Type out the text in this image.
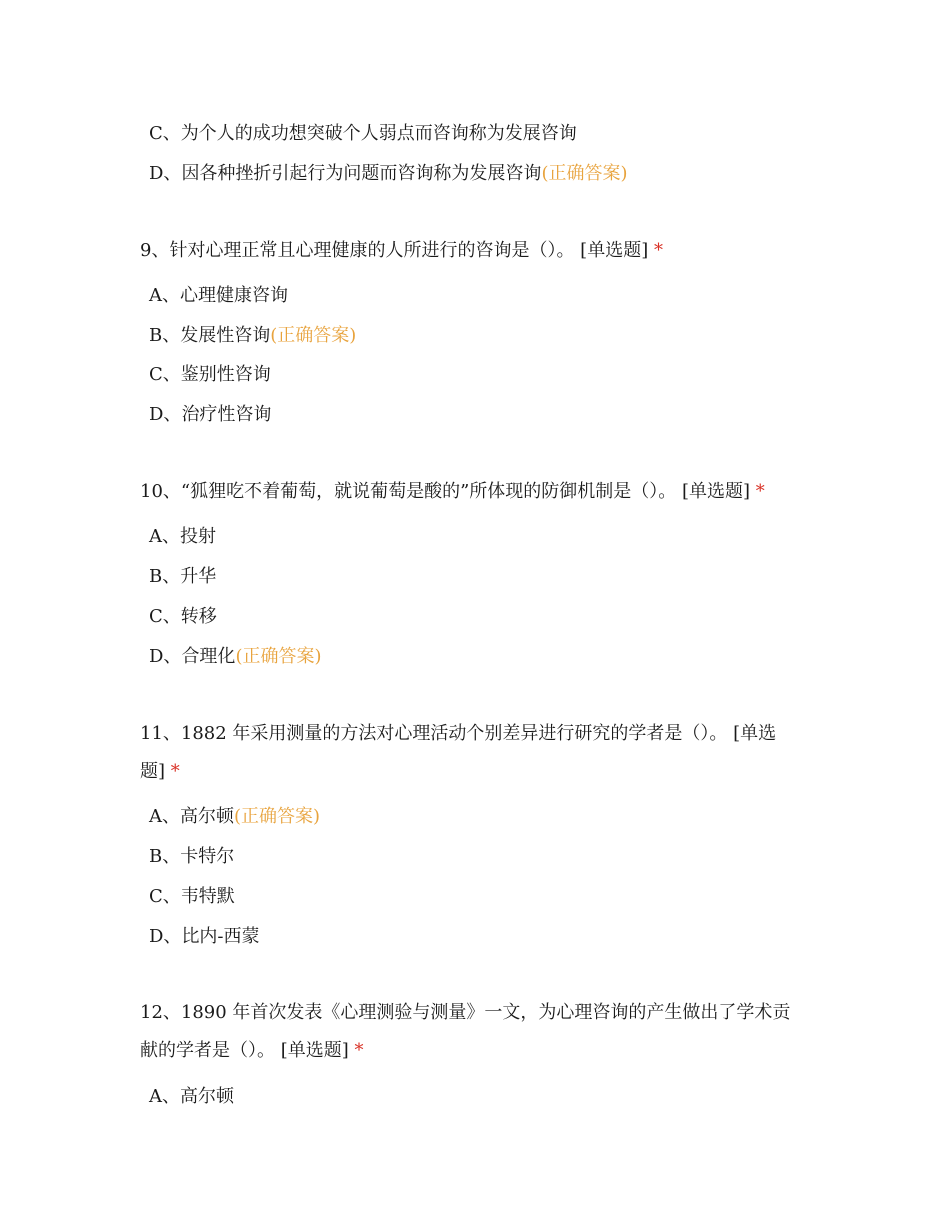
C、为个人的成功想突破个人弱点而咨询称为发展咨询
D、因各种挫折引起行为问题而咨询称为发展咨询(正确答案)
9、针对心理正常且心理健康的人所进行的咨询是（）。 [单选题] *
A、心理健康咨询
B、发展性咨询(正确答案)
C、鉴别性咨询
D、治疗性咨询
10、“狐狸吃不着葡萄，就说葡萄是酸的”所体现的防御机制是（）。 [单选题] *
A、投射
B、升华
C、转移
D、合理化(正确答案)
11、1882 年采用测量的方法对心理活动个别差异进行研究的学者是（）。 [单选
题] *
A、高尔顿(正确答案)
B、卡特尔
C、韦特默
D、比内-西蒙
12、1890 年首次发表《心理测验与测量》一文，为心理咨询的产生做出了学术贡
献的学者是（）。 [单选题] *
A、高尔顿
